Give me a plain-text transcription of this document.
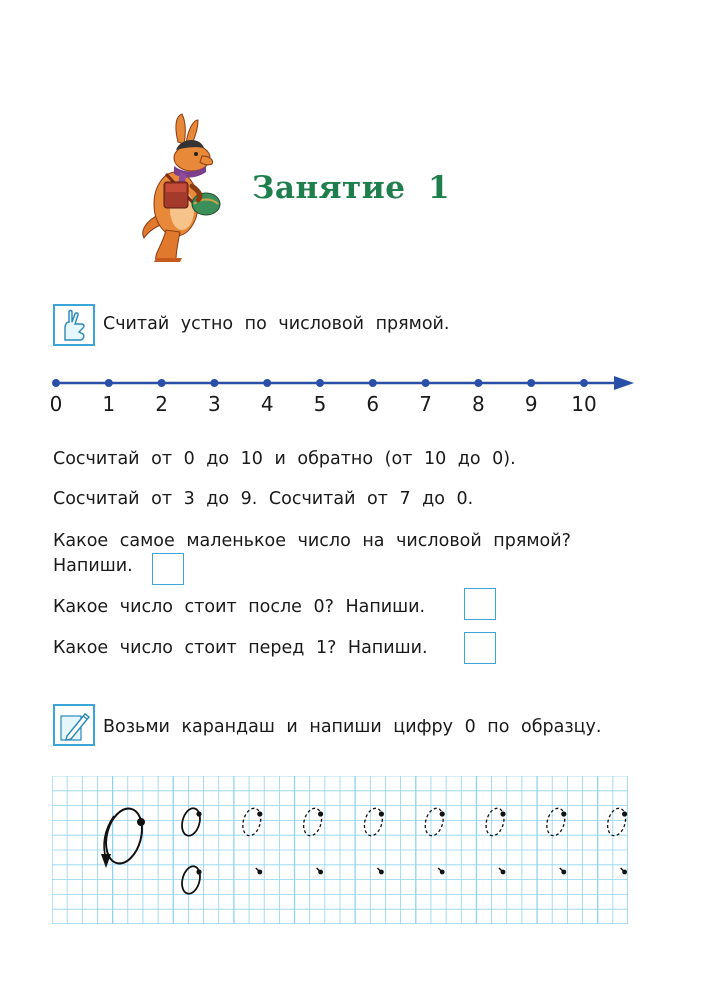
Занятие  1
Считай устно по числовой прямой.
0	1	2	3	4	5	6	7	8	9	10
Сосчитай от 0 до 10 и обратно (от 10 до 0).
Сосчитай от 3 до 9. Сосчитай от 7 до 0.
Какое самое маленькое число на числовой прямой?
Напиши.
Какое число стоит после 0? Напиши.
Какое число стоит перед 1? Напиши.
Возьми карандаш и напиши цифру 0 по образцу.
